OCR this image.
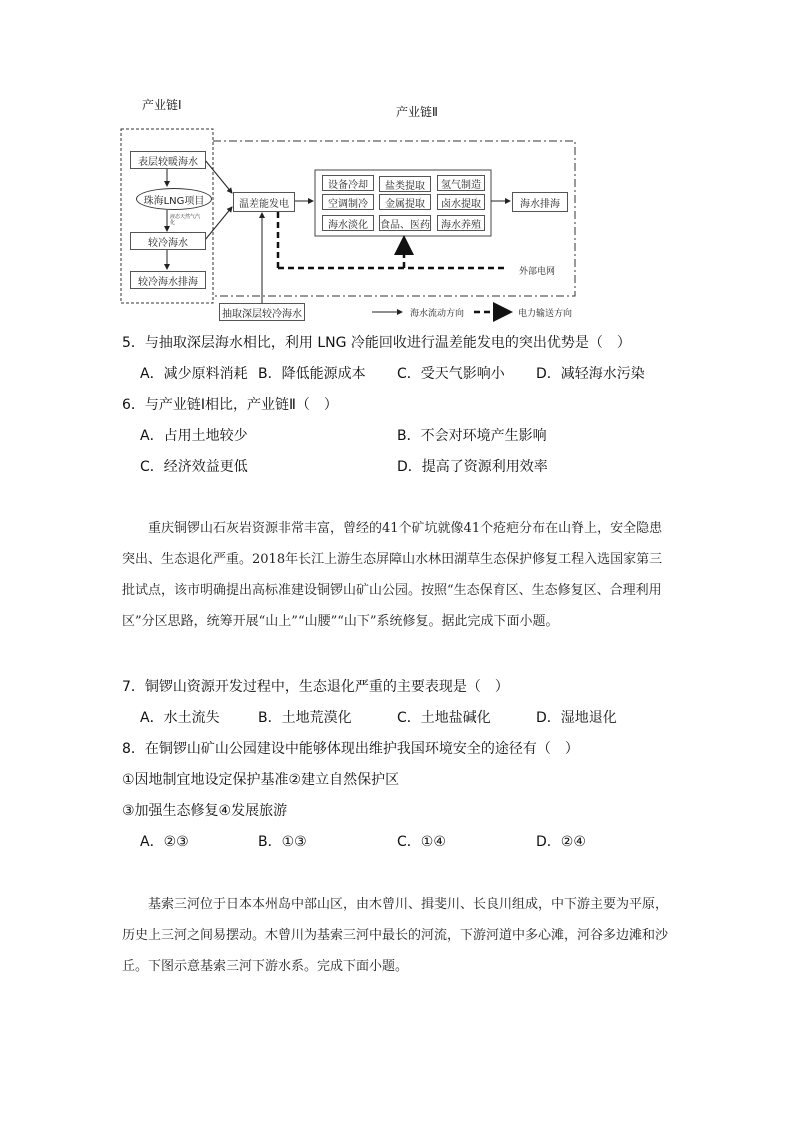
产业链Ⅰ	产业链Ⅱ
表层较暖海水
珠海LNG项目
液态天然气汽化
较冷海水
较冷海水排海
温差能发电
抽取深层较冷海水
设备冷却	盐类提取	氢气制造
空调制冷	金属提取	卤水提取
海水淡化	食品、医药	海水养殖
海水排海
外部电网
海水流动方向	电力输送方向
5．与抽取深层海水相比，利用 LNG 冷能回收进行温差能发电的突出优势是（　）
A．减少原料消耗 B．降低能源成本 C．受天气影响小 D．减轻海水污染
6．与产业链Ⅰ相比，产业链Ⅱ（　）
A．占用土地较少	B．不会对环境产生影响
C．经济效益更低	D．提高了资源利用效率
重庆铜锣山石灰岩资源非常丰富，曾经的41个矿坑就像41个疮疤分布在山脊上，安全隐患突出、生态退化严重。2018年长江上游生态屏障山水林田湖草生态保护修复工程入选国家第三批试点，该市明确提出高标准建设铜锣山矿山公园。按照“生态保育区、生态修复区、合理利用区”分区思路，统筹开展“山上”“山腰”“山下”系统修复。据此完成下面小题。
7．铜锣山资源开发过程中，生态退化严重的主要表现是（　）
A．水土流失	B．土地荒漠化	C．土地盐碱化	D．湿地退化
8．在铜锣山矿山公园建设中能够体现出维护我国环境安全的途径有（　）
①因地制宜地设定保护基准②建立自然保护区
③加强生态修复④发展旅游
A．②③	B．①③	C．①④	D．②④
基索三河位于日本本州岛中部山区，由木曾川、揖斐川、长良川组成，中下游主要为平原，历史上三河之间易摆动。木曾川为基索三河中最长的河流，下游河道中多心滩，河谷多边滩和沙丘。下图示意基索三河下游水系。完成下面小题。
